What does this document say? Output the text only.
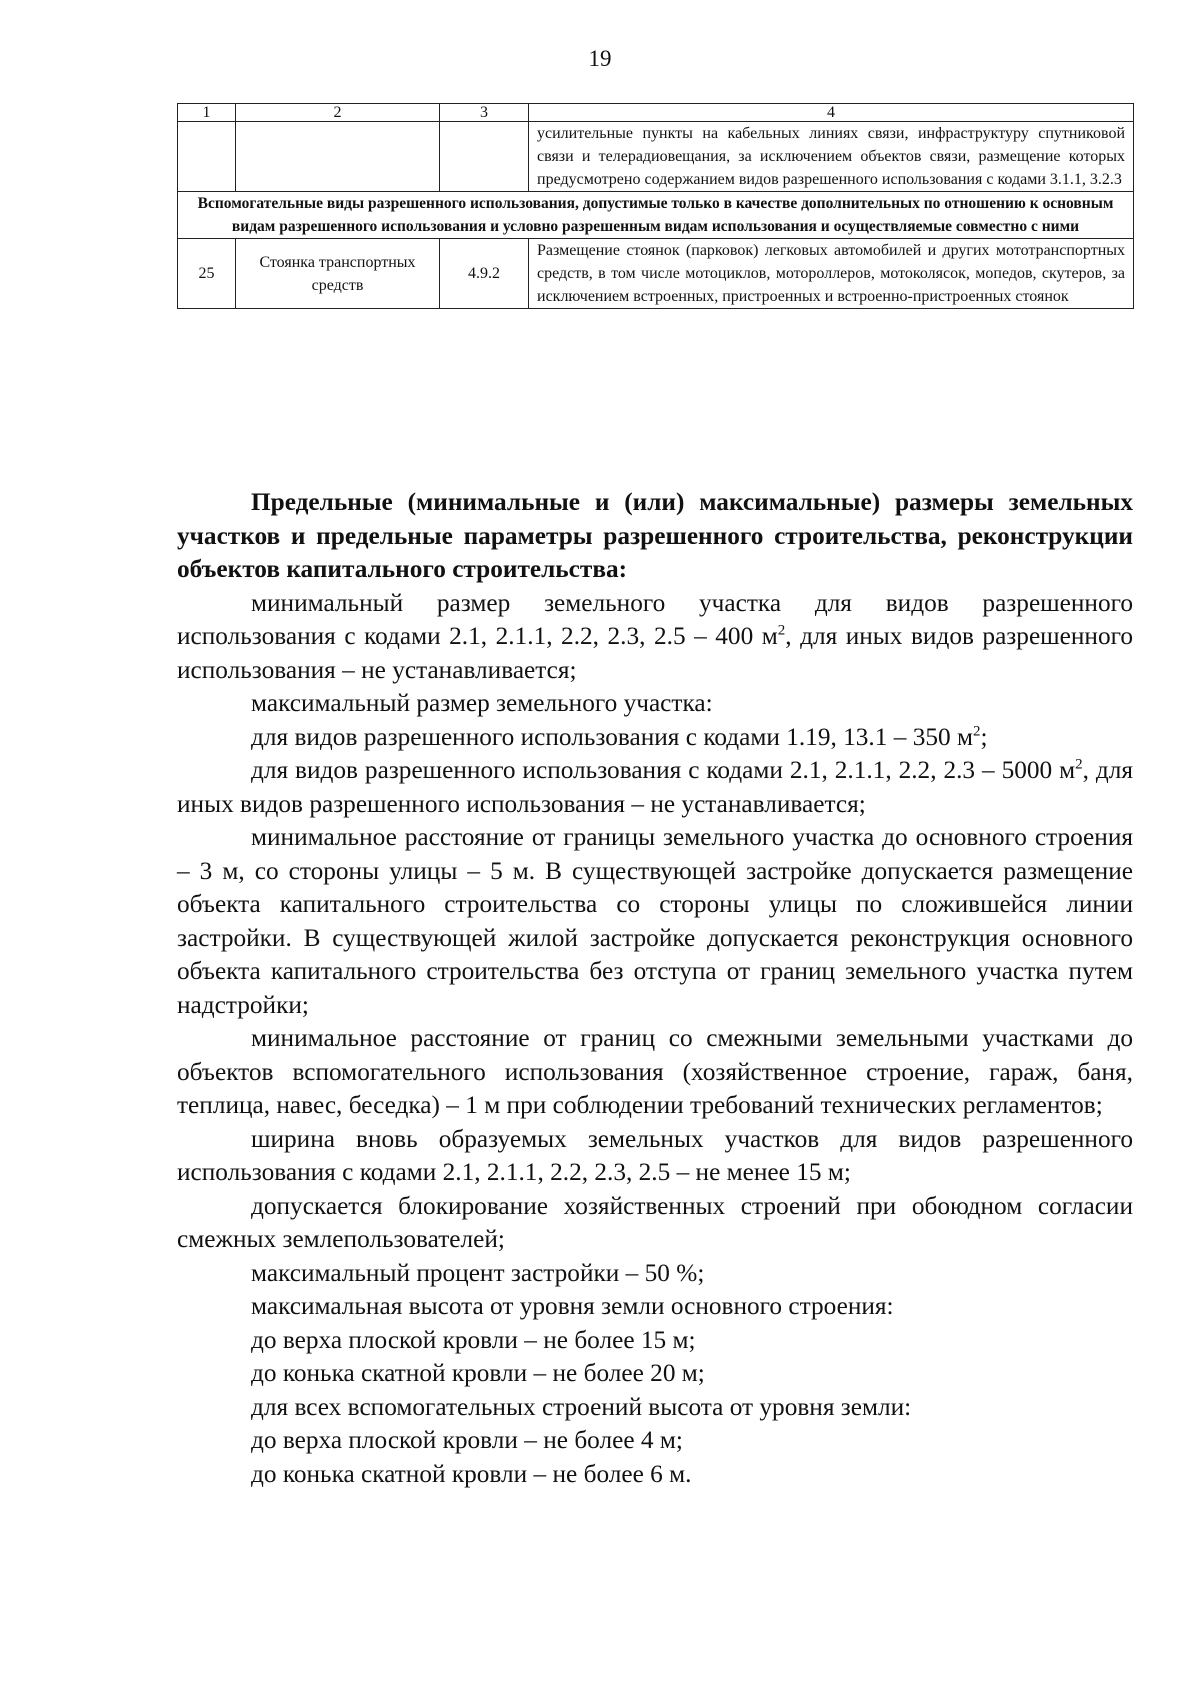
19
1	2	3	4
			усилительные пункты на кабельных линиях связи, инфраструктуру спутниковой связи и телерадиовещания, за исключением объектов связи, размещение которых предусмотрено содержанием видов разрешенного использования с кодами 3.1.1, 3.2.3
Вспомогательные виды разрешенного использования, допустимые только в качестве дополнительных по отношению к основным видам разрешенного использования и условно разрешенным видам использования и осуществляемые совместно с ними			
25	Стоянка транспортных средств	4.9.2	Размещение стоянок (парковок) легковых автомобилей и других мототранспортных средств, в том числе мотоциклов, мотороллеров, мотоколясок, мопедов, скутеров, за исключением встроенных, пристроенных и встроенно-пристроенных стоянок

Предельные (минимальные и (или) максимальные) размеры земельных участков и предельные параметры разрешенного строительства, реконструкции объектов капитального строительства:

минимальный размер земельного участка для видов разрешенного использования с кодами 2.1, 2.1.1, 2.2, 2.3, 2.5 – 400 $м^2$, для иных видов разрешенного использования – не устанавливается;

максимальный размер земельного участка:

для видов разрешенного использования с кодами 1.19, 13.1 – 350 $м^2$;

для видов разрешенного использования с кодами 2.1, 2.1.1, 2.2, 2.3 – 5000 $м^2$, для иных видов разрешенного использования – не устанавливается;

минимальное расстояние от границы земельного участка до основного строения – 3 м, со стороны улицы – 5 м. В существующей застройке допускается размещение объекта капитального строительства со стороны улицы по сложившейся линии застройки. В существующей жилой застройке допускается реконструкция основного объекта капитального строительства без отступа от границ земельного участка путем надстройки;

минимальное расстояние от границ со смежными земельными участками до объектов вспомогательного использования (хозяйственное строение, гараж, баня, теплица, навес, беседка) – 1 м при соблюдении требований технических регламентов;

ширина вновь образуемых земельных участков для видов разрешенного использования с кодами 2.1, 2.1.1, 2.2, 2.3, 2.5 – не менее 15 м;

допускается блокирование хозяйственных строений при обоюдном согласии смежных землепользователей;

максимальный процент застройки – 50 %;

максимальная высота от уровня земли основного строения:

до верха плоской кровли – не более 15 м;

до конька скатной кровли – не более 20 м;

для всех вспомогательных строений высота от уровня земли:

до верха плоской кровли – не более 4 м;

до конька скатной кровли – не более 6 м.
